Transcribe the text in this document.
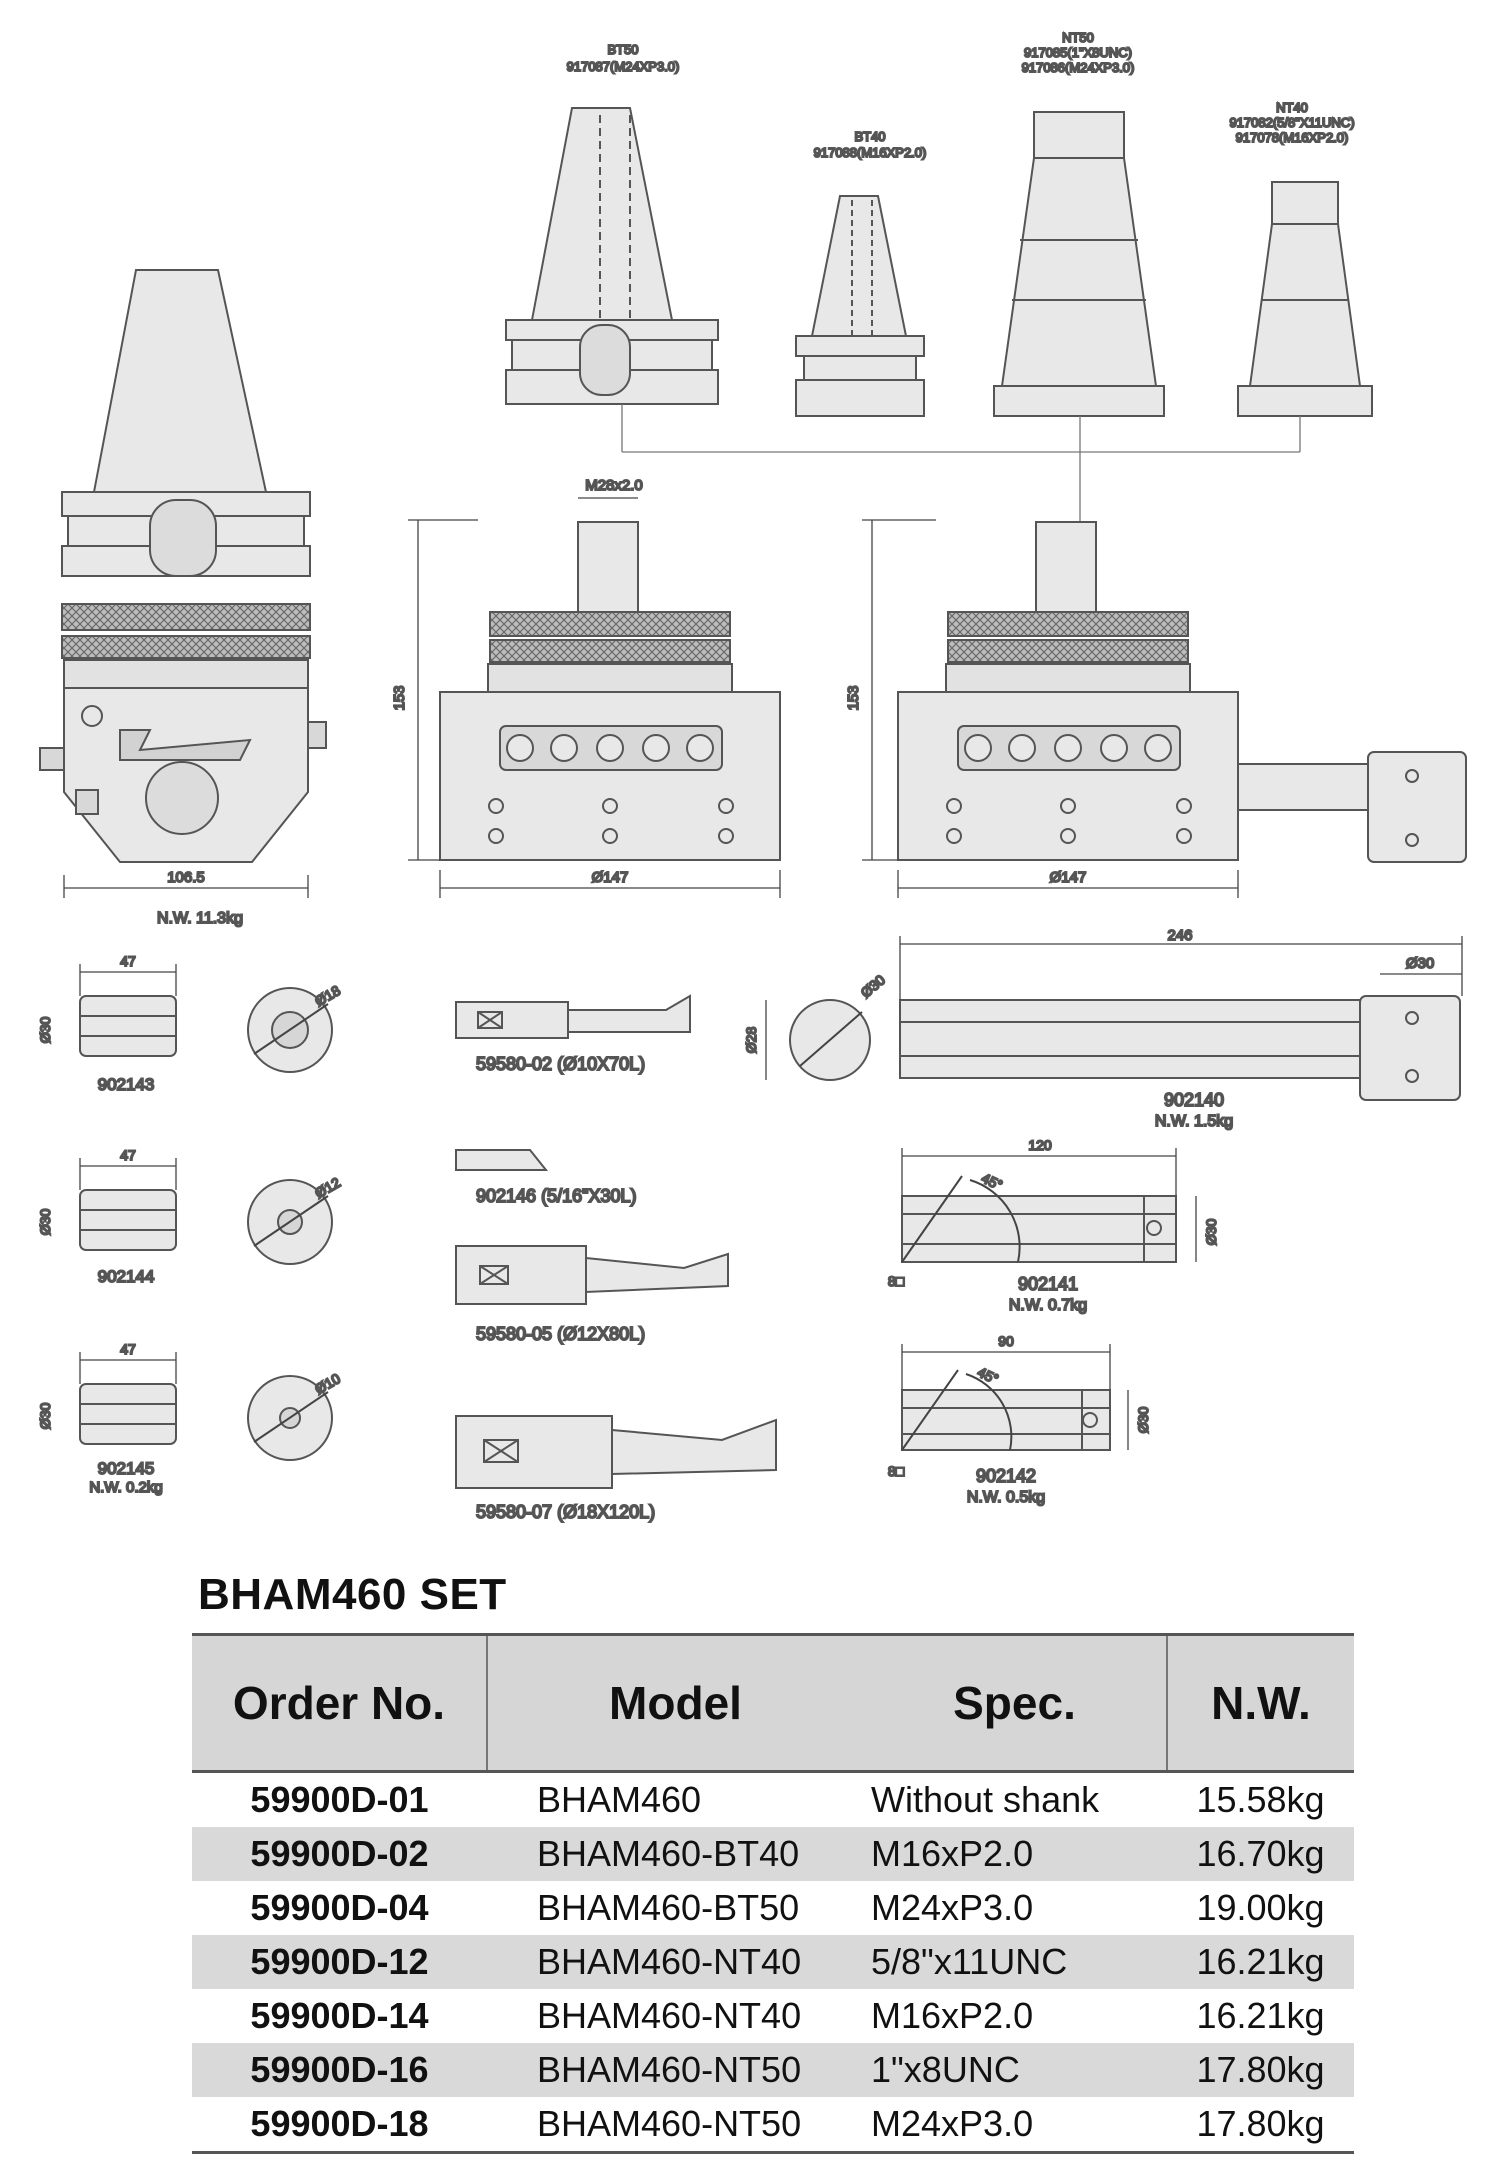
BT50
917087(M24XP3.0)
BT40
917088(M16XP2.0)
NT50
917085(1"X8UNC)
917086(M24XP3.0)
NT40
917082(5/8"X11UNC)
917078(M16XP2.0)
106.5
N.W. 11.3kg
M28x2.0
153
Ø147
153
Ø147
47
Ø30
Ø18
902143
47
Ø30
Ø12
902144
47
Ø30
Ø10
902145
N.W. 0.2kg
59580-02 (Ø10X70L)
902146 (5/16"X30L)
59580-05 (Ø12X80L)
59580-07 (Ø18X120L)
Ø28
Ø30
246
Ø30
902140
N.W. 1.5kg
120
45°
8□
Ø30
902141
N.W. 0.7kg
90
45°
8□
Ø30
902142
N.W. 0.5kg
BHAM460 SET
Order No.	Model	Spec.	N.W.
59900D-01	BHAM460	Without shank	15.58kg
59900D-02	BHAM460-BT40	M16xP2.0	16.70kg
59900D-04	BHAM460-BT50	M24xP3.0	19.00kg
59900D-12	BHAM460-NT40	5/8"x11UNC	16.21kg
59900D-14	BHAM460-NT40	M16xP2.0	16.21kg
59900D-16	BHAM460-NT50	1"x8UNC	17.80kg
59900D-18	BHAM460-NT50	M24xP3.0	17.80kg
